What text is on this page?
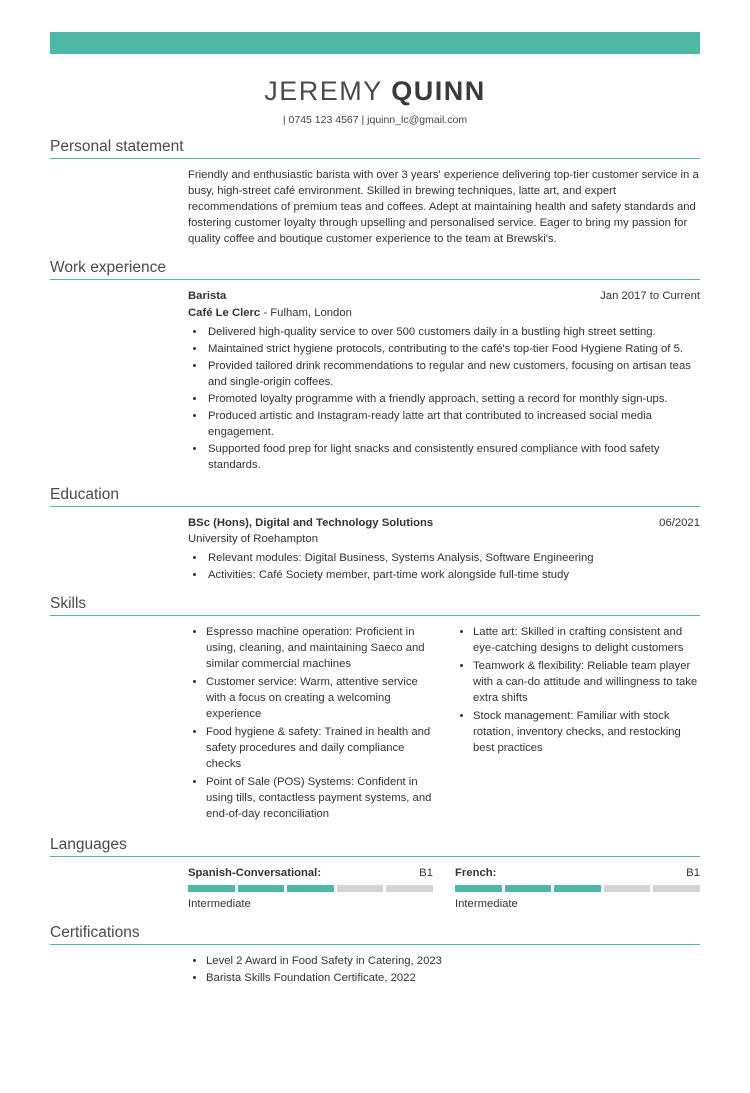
JEREMY QUINN
| 0745 123 4567 | jquinn_lc@gmail.com
Personal statement

Friendly and enthusiastic barista with over 3 years' experience delivering top-tier customer service in a busy, high-street café environment. Skilled in brewing techniques, latte art, and expert recommendations of premium teas and coffees. Adept at maintaining health and safety standards and fostering customer loyalty through upselling and personalised service. Eager to bring my passion for quality coffee and boutique customer experience to the team at Brewski's.

Work experience
Barista	Jan 2017 to Current
Café Le Clerc - Fulham, London
• Delivered high-quality service to over 500 customers daily in a bustling high street setting.
• Maintained strict hygiene protocols, contributing to the café's top-tier Food Hygiene Rating of 5.
• Provided tailored drink recommendations to regular and new customers, focusing on artisan teas and single-origin coffees.
• Promoted loyalty programme with a friendly approach, setting a record for monthly sign-ups.
• Produced artistic and Instagram-ready latte art that contributed to increased social media engagement.
• Supported food prep for light snacks and consistently ensured compliance with food safety standards.
Education
BSc (Hons), Digital and Technology Solutions	06/2021
University of Roehampton
• Relevant modules: Digital Business, Systems Analysis, Software Engineering
• Activities: Café Society member, part-time work alongside full-time study
Skills
• Espresso machine operation: Proficient in using, cleaning, and maintaining Saeco and similar commercial machines
• Customer service: Warm, attentive service with a focus on creating a welcoming experience
• Food hygiene & safety: Trained in health and safety procedures and daily compliance checks
• Point of Sale (POS) Systems: Confident in using tills, contactless payment systems, and end-of-day reconciliation
• Latte art: Skilled in crafting consistent and eye-catching designs to delight customers
• Teamwork & flexibility: Reliable team player with a can-do attitude and willingness to take extra shifts
• Stock management: Familiar with stock rotation, inventory checks, and restocking best practices
Languages
Spanish-Conversational:	B1
Intermediate
French:	B1
Intermediate
Certifications
• Level 2 Award in Food Safety in Catering, 2023
• Barista Skills Foundation Certificate, 2022
